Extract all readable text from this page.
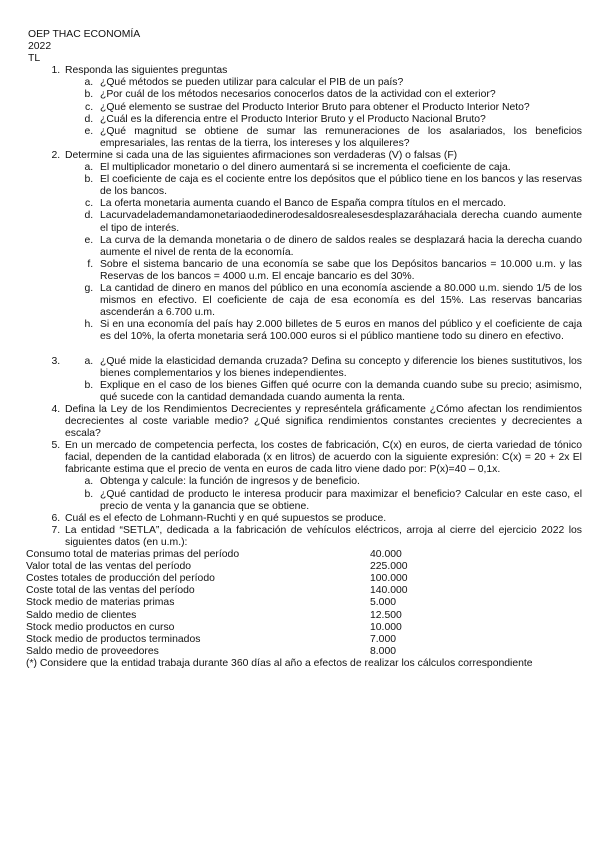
OEP THAC ECONOMÍA
2022
TL
1. Responda las siguientes preguntas
a. ¿Qué métodos se pueden utilizar para calcular el PIB de un país?
b. ¿Por cuál de los métodos necesarios conocerlos datos de la actividad con el exterior?
c. ¿Qué elemento se sustrae del Producto Interior Bruto para obtener el Producto Interior Neto?
d. ¿Cuál es la diferencia entre el Producto Interior Bruto y el Producto Nacional Bruto?
e. ¿Qué magnitud se obtiene de sumar las remuneraciones de los asalariados, los beneficios empresariales, las rentas de la tierra, los intereses y los alquileres?
2. Determine si cada una de las siguientes afirmaciones son verdaderas (V) o falsas (F)
a. El multiplicador monetario o del dinero aumentará si se incrementa el coeficiente de caja.
b. El coeficiente de caja es el cociente entre los depósitos que el público tiene en los bancos y las reservas de los bancos.
c. La oferta monetaria aumenta cuando el Banco de España compra títulos en el mercado.
d. Lacurvadelademandamonetariaodedinerodesaldosrealesesdesplazaráhaciala derecha cuando aumente el tipo de interés.
e. La curva de la demanda monetaria o de dinero de saldos reales se desplazará hacia la derecha cuando aumente el nivel de renta de la economía.
f. Sobre el sistema bancario de una economía se sabe que los Depósitos bancarios = 10.000 u.m. y las Reservas de los bancos = 4000 u.m. El encaje bancario es del 30%.
g. La cantidad de dinero en manos del público en una economía asciende a 80.000 u.m. siendo 1/5 de los mismos en efectivo. El coeficiente de caja de esa economía es del 15%. Las reservas bancarias ascenderán a 6.700 u.m.
h. Si en una economía del país hay 2.000 billetes de 5 euros en manos del público y el coeficiente de caja es del 10%, la oferta monetaria será 100.000 euros si el público mantiene todo su dinero en efectivo.
a. 3. ¿Qué mide la elasticidad demanda cruzada? Defina su concepto y diferencie los bienes sustitutivos, los bienes complementarios y los bienes independientes.
b. Explique en el caso de los bienes Giffen qué ocurre con la demanda cuando sube su precio; asimismo, qué sucede con la cantidad demandada cuando aumenta la renta.
4. Defina la Ley de los Rendimientos Decrecientes y represéntela gráficamente ¿Cómo afectan los rendimientos decrecientes al coste variable medio? ¿Qué significa rendimientos constantes crecientes y decrecientes a escala?
5. En un mercado de competencia perfecta, los costes de fabricación, C(x) en euros, de cierta variedad de tónico facial, dependen de la cantidad elaborada (x en litros) de acuerdo con la siguiente expresión: C(x) = 20 + 2x El fabricante estima que el precio de venta en euros de cada litro viene dado por: P(x)=40 – 0,1x.
a. Obtenga y calcule: la función de ingresos y de beneficio.
b. ¿Qué cantidad de producto le interesa producir para maximizar el beneficio? Calcular en este caso, el precio de venta y la ganancia que se obtiene.
6. Cuál es el efecto de Lohmann-Ruchti y en qué supuestos se produce.
7. La entidad “SETLA”, dedicada a la fabricación de vehículos eléctricos, arroja al cierre del ejercicio 2022 los siguientes datos (en u.m.):
Consumo total de materias primas del período	40.000
Valor total de las ventas del período	225.000
Costes totales de producción del período	100.000
Coste total de las ventas del período	140.000
Stock medio de materias primas	5.000
Saldo medio de clientes	12.500
Stock medio productos en curso	10.000
Stock medio de productos terminados	7.000
Saldo medio de proveedores	8.000
(*) Considere que la entidad trabaja durante 360 días al año a efectos de realizar los cálculos correspondiente
